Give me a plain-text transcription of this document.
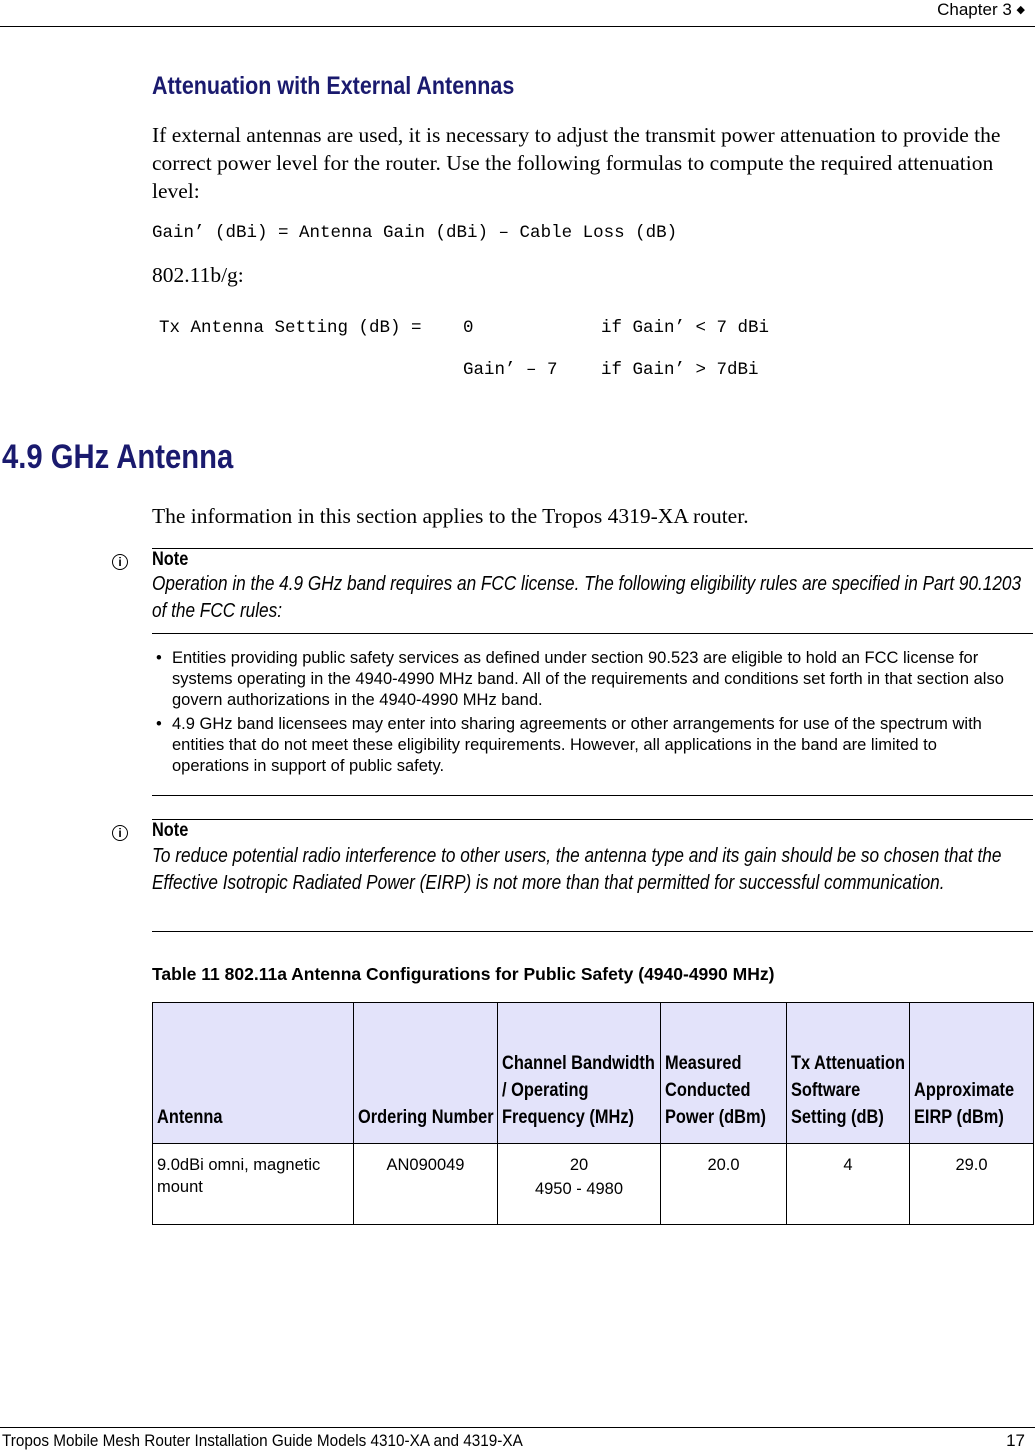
Chapter 3 ◆
Attenuation with External Antennas
If external antennas are used, it is necessary to adjust the transmit power attenuation to provide the correct power level for the router. Use the following formulas to compute the required attenuation level:
Gain’ (dBi) = Antenna Gain (dBi) – Cable Loss (dB)
802.11b/g:
Tx Antenna Setting (dB) = 0	if Gain’ < 7 dBi
Gain’ – 7 if Gain’ > 7dBi
4.9 GHz Antenna
The information in this section applies to the Tropos 4319-XA router.
i	Note
Operation in the 4.9 GHz band requires an FCC license. The following eligibility rules are specified in Part 90.1203 of the FCC rules:
• Entities providing public safety services as defined under section 90.523 are eligible to hold an FCC license for systems operating in the 4940-4990 MHz band. All of the requirements and conditions set forth in that section also govern authorizations in the 4940-4990 MHz band.
• 4.9 GHz band licensees may enter into sharing agreements or other arrangements for use of the spectrum with entities that do not meet these eligibility requirements. However, all applications in the band are limited to operations in support of public safety.
i	Note
To reduce potential radio interference to other users, the antenna type and its gain should be so chosen that the Effective Isotropic Radiated Power (EIRP) is not more than that permitted for successful communication.
Table 11 802.11a Antenna Configurations for Public Safety (4940-4990 MHz)
Antenna	Ordering Number	Channel Bandwidth / Operating Frequency (MHz)	Measured Conducted Power (dBm)	Tx Attenuation Software Setting (dB)	Approximate EIRP (dBm)
9.0dBi omni, magnetic mount	AN090049	20
4950 - 4980	20.0	4	29.0
Tropos Mobile Mesh Router Installation Guide Models 4310-XA and 4319-XA	17
